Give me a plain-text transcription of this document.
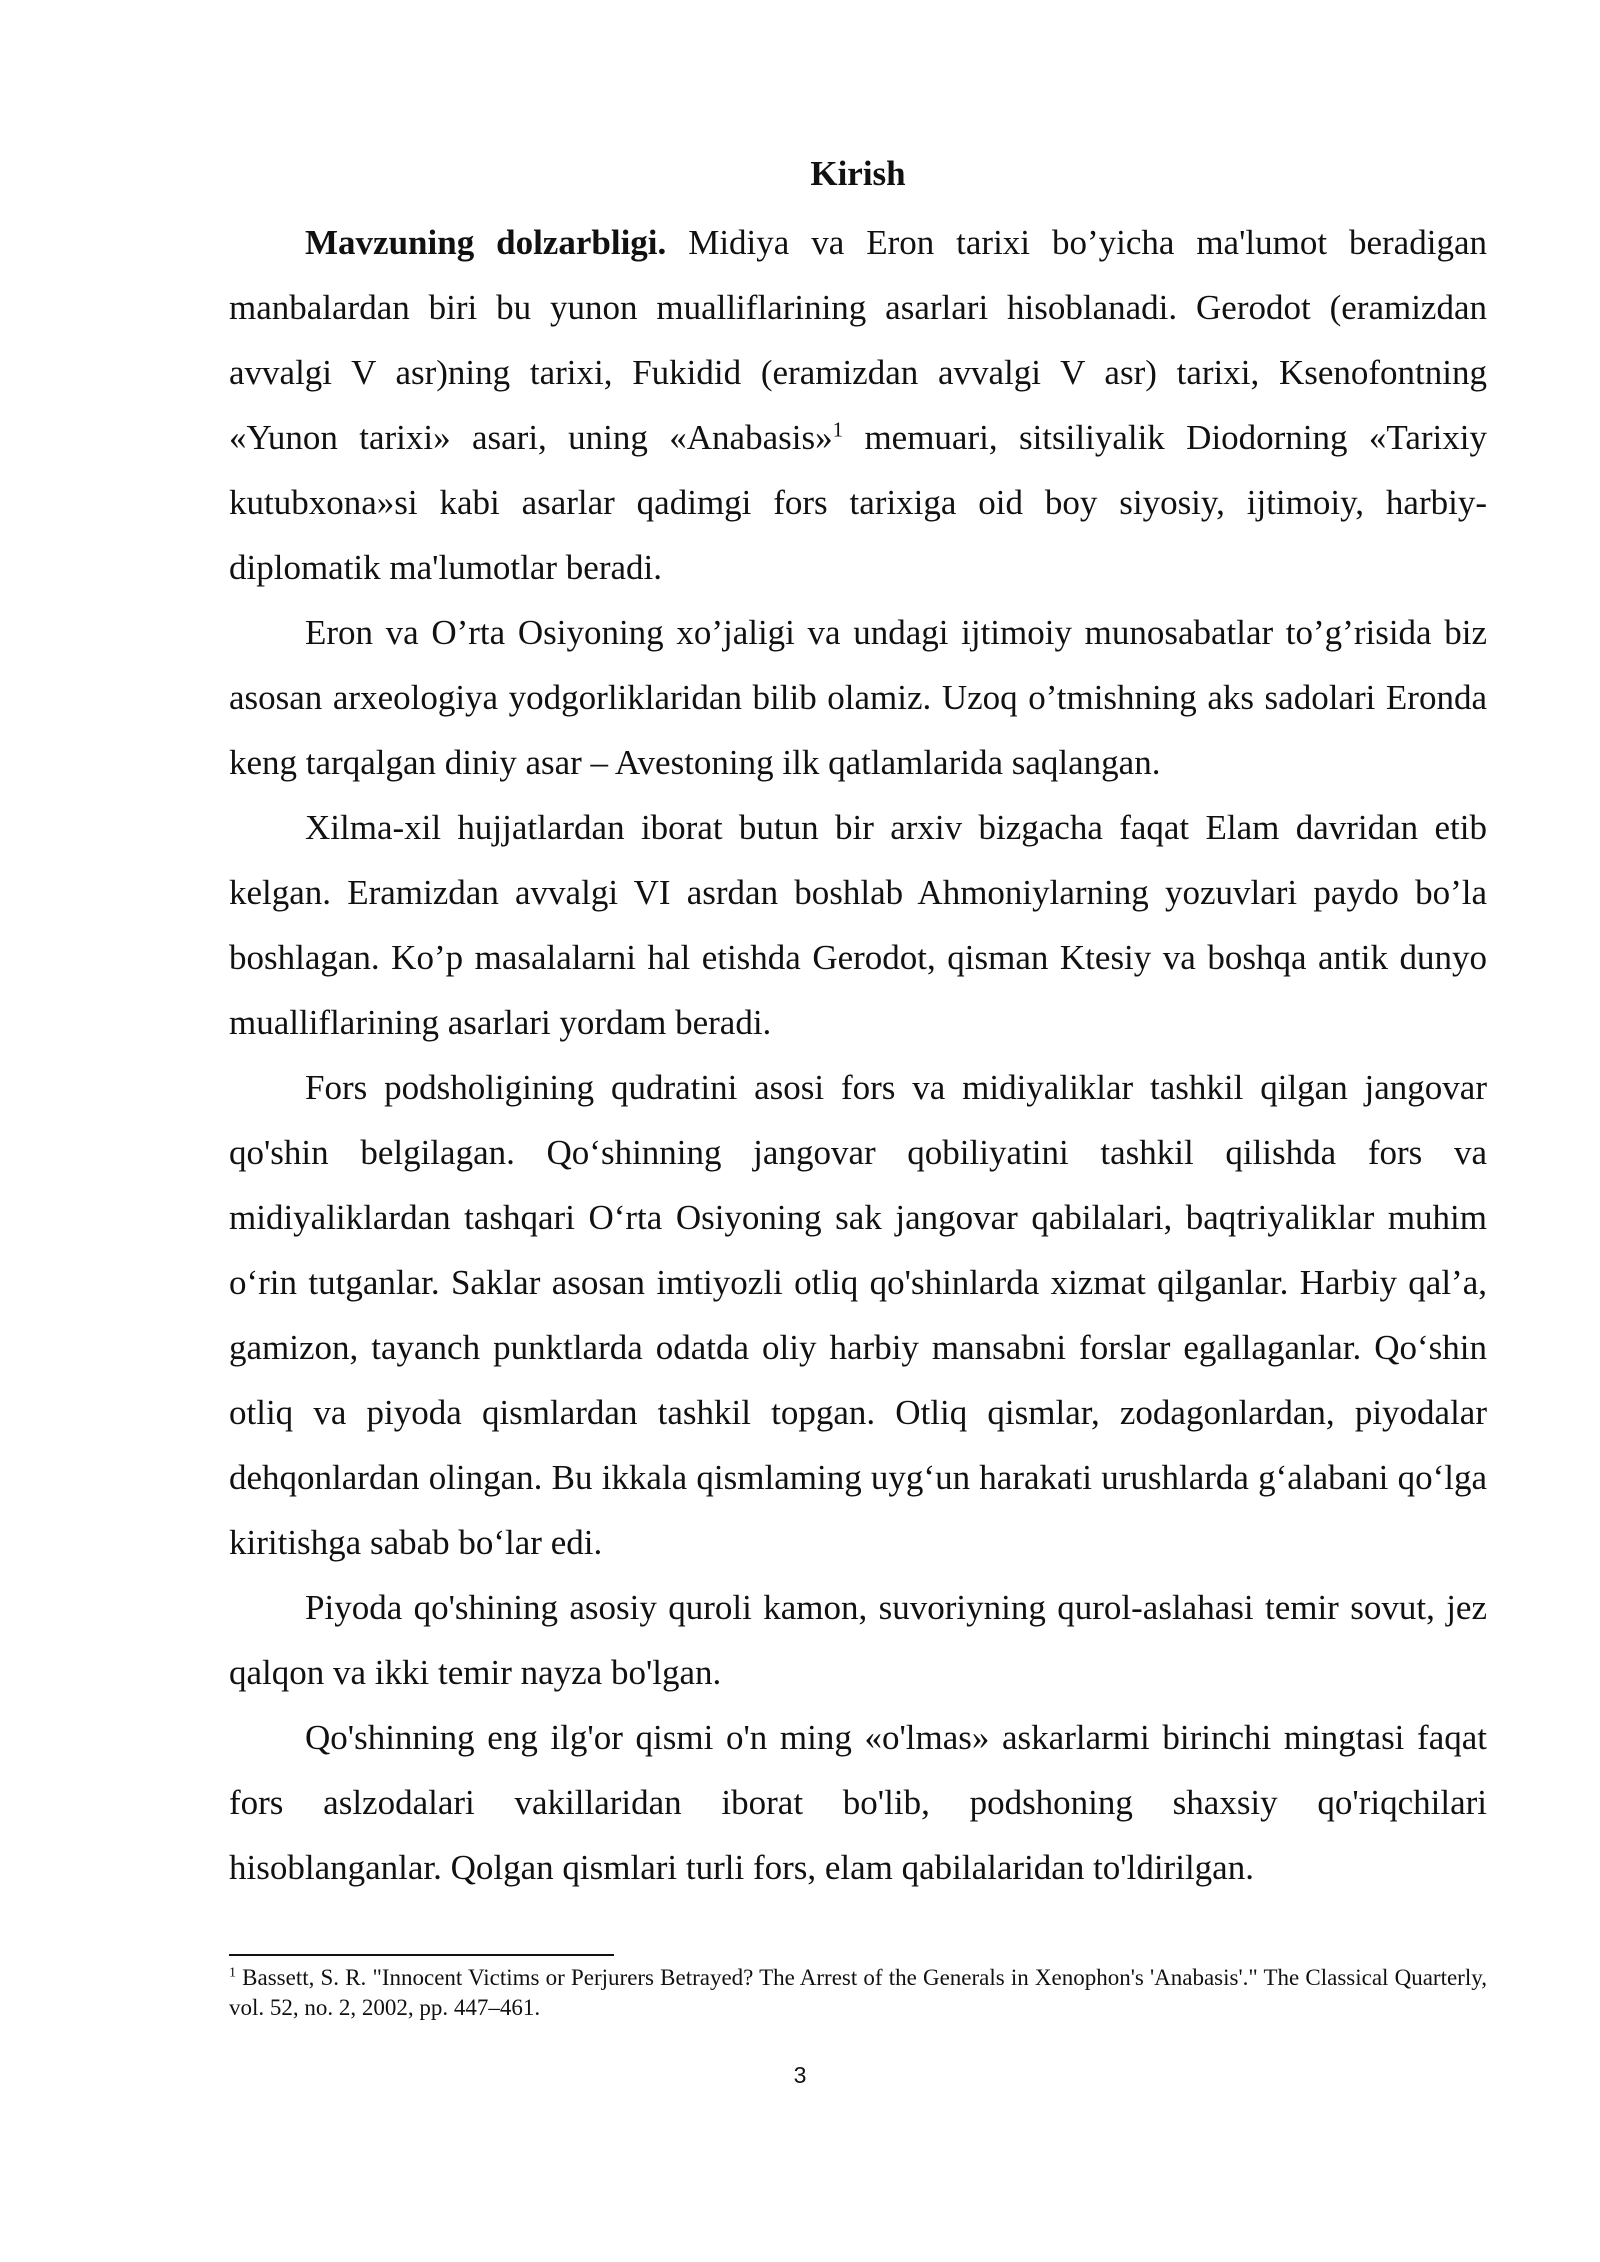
Kirish

Mavzuning dolzarbligi. Midiya va Eron tarixi bo’yicha ma'lumot beradigan manbalardan biri bu yunon mualliflarining asarlari hisoblanadi. Gerodot (eramizdan avvalgi V asr)ning tarixi, Fukidid (eramizdan avvalgi V asr) tarixi, Ksenofontning «Yunon tarixi» asari, uning «Anabasis»$^1$ memuari, sitsiliyalik Diodorning «Tarixiy kutubxona»si kabi asarlar qadimgi fors tarixiga oid boy siyosiy, ijtimoiy, harbiy-diplomatik ma'lumotlar beradi.

Eron va O’rta Osiyoning xo’jaligi va undagi ijtimoiy munosabatlar to’g’risida biz asosan arxeologiya yodgorliklaridan bilib olamiz. Uzoq o’tmishning aks sadolari Eronda keng tarqalgan diniy asar – Avestoning ilk qatlamlarida saqlangan.

Xilma-xil hujjatlardan iborat butun bir arxiv bizgacha faqat Elam davridan etib kelgan. Eramizdan avvalgi VI asrdan boshlab Ahmoniylarning yozuvlari paydo bo’la boshlagan. Ko’p masalalarni hal etishda Gerodot, qisman Ktesiy va boshqa antik dunyo mualliflarining asarlari yordam beradi.

Fors podsholigining qudratini asosi fors va midiyaliklar tashkil qilgan jangovar qo'shin belgilagan. Qo‘shinning jangovar qobiliyatini tashkil qilishda fors va midiyaliklardan tashqari O‘rta Osiyoning sak jangovar qabilalari, baqtriyaliklar muhim o‘rin tutganlar. Saklar asosan imtiyozli otliq qo'shinlarda xizmat qilganlar. Harbiy qal’a, gamizon, tayanch punktlarda odatda oliy harbiy mansabni forslar egallaganlar. Qo‘shin otliq va piyoda qismlardan tashkil topgan. Otliq qismlar, zodagonlardan, piyodalar dehqonlardan olingan. Bu ikkala qismlaming uyg‘un harakati urushlarda g‘alabani qo‘lga kiritishga sabab bo‘lar edi.

Piyoda qo'shining asosiy quroli kamon, suvoriyning qurol-aslahasi temir sovut, jez qalqon va ikki temir nayza bo'lgan.

Qo'shinning eng ilg'or qismi o'n ming «o'lmas» askarlarmi birinchi mingtasi faqat fors aslzodalari vakillaridan iborat bo'lib, podshoning shaxsiy qo'riqchilari hisoblanganlar. Qolgan qismlari turli fors, elam qabilalaridan to'ldirilgan.

$^1$ Bassett, S. R. "Innocent Victims or Perjurers Betrayed? The Arrest of the Generals in Xenophon's 'Anabasis'." The Classical Quarterly, vol. 52, no. 2, 2002, pp. 447–461.

3
